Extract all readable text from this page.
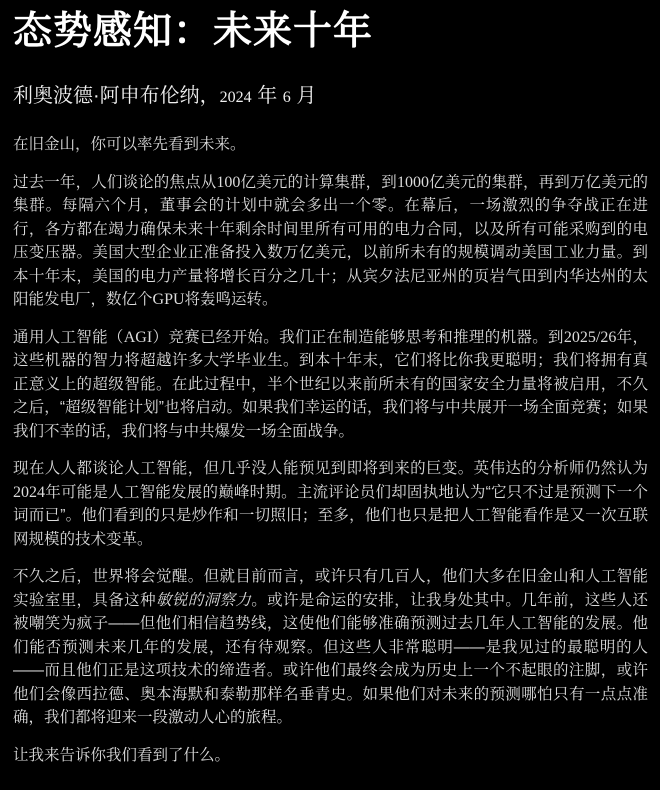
态势感知：未来十年
利奥波德·阿申布伦纳，2024 年 6 月

在旧金山，你可以率先看到未来。

过去一年，人们谈论的焦点从100亿美元的计算集群，到1000亿美元的集群，再到万亿美元的集群。每隔六个月，董事会的计划中就会多出一个零。在幕后，一场激烈的争夺战正在进行，各方都在竭力确保未来十年剩余时间里所有可用的电力合同，以及所有可能采购到的电压变压器。美国大型企业正准备投入数万亿美元，以前所未有的规模调动美国工业力量。到本十年末，美国的电力产量将增长百分之几十；从宾夕法尼亚州的页岩气田到内华达州的太阳能发电厂，数亿个GPU将轰鸣运转。

通用人工智能（AGI）竞赛已经开始。我们正在制造能够思考和推理的机器。到2025/26年，这些机器的智力将超越许多大学毕业生。到本十年末，它们将比你我更聪明；我们将拥有真正意义上的超级智能。在此过程中，半个世纪以来前所未有的国家安全力量将被启用，不久之后，“超级智能计划”也将启动。如果我们幸运的话，我们将与中共展开一场全面竞赛；如果我们不幸的话，我们将与中共爆发一场全面战争。

现在人人都谈论人工智能，但几乎没人能预见到即将到来的巨变。英伟达的分析师仍然认为2024年可能是人工智能发展的巅峰时期。主流评论员们却固执地认为“它只不过是预测下一个词而已”。他们看到的只是炒作和一切照旧；至多，他们也只是把人工智能看作是又一次互联网规模的技术变革。

不久之后，世界将会觉醒。但就目前而言，或许只有几百人，他们大多在旧金山和人工智能实验室里，具备这种敏锐的洞察力。或许是命运的安排，让我身处其中。几年前，这些人还被嘲笑为疯子——但他们相信趋势线，这使他们能够准确预测过去几年人工智能的发展。他们能否预测未来几年的发展，还有待观察。但这些人非常聪明——是我见过的最聪明的人——而且他们正是这项技术的缔造者。或许他们最终会成为历史上一个不起眼的注脚，或许他们会像西拉德、奥本海默和泰勒那样名垂青史。如果他们对未来的预测哪怕只有一点点准确，我们都将迎来一段激动人心的旅程。

让我来告诉你我们看到了什么。
